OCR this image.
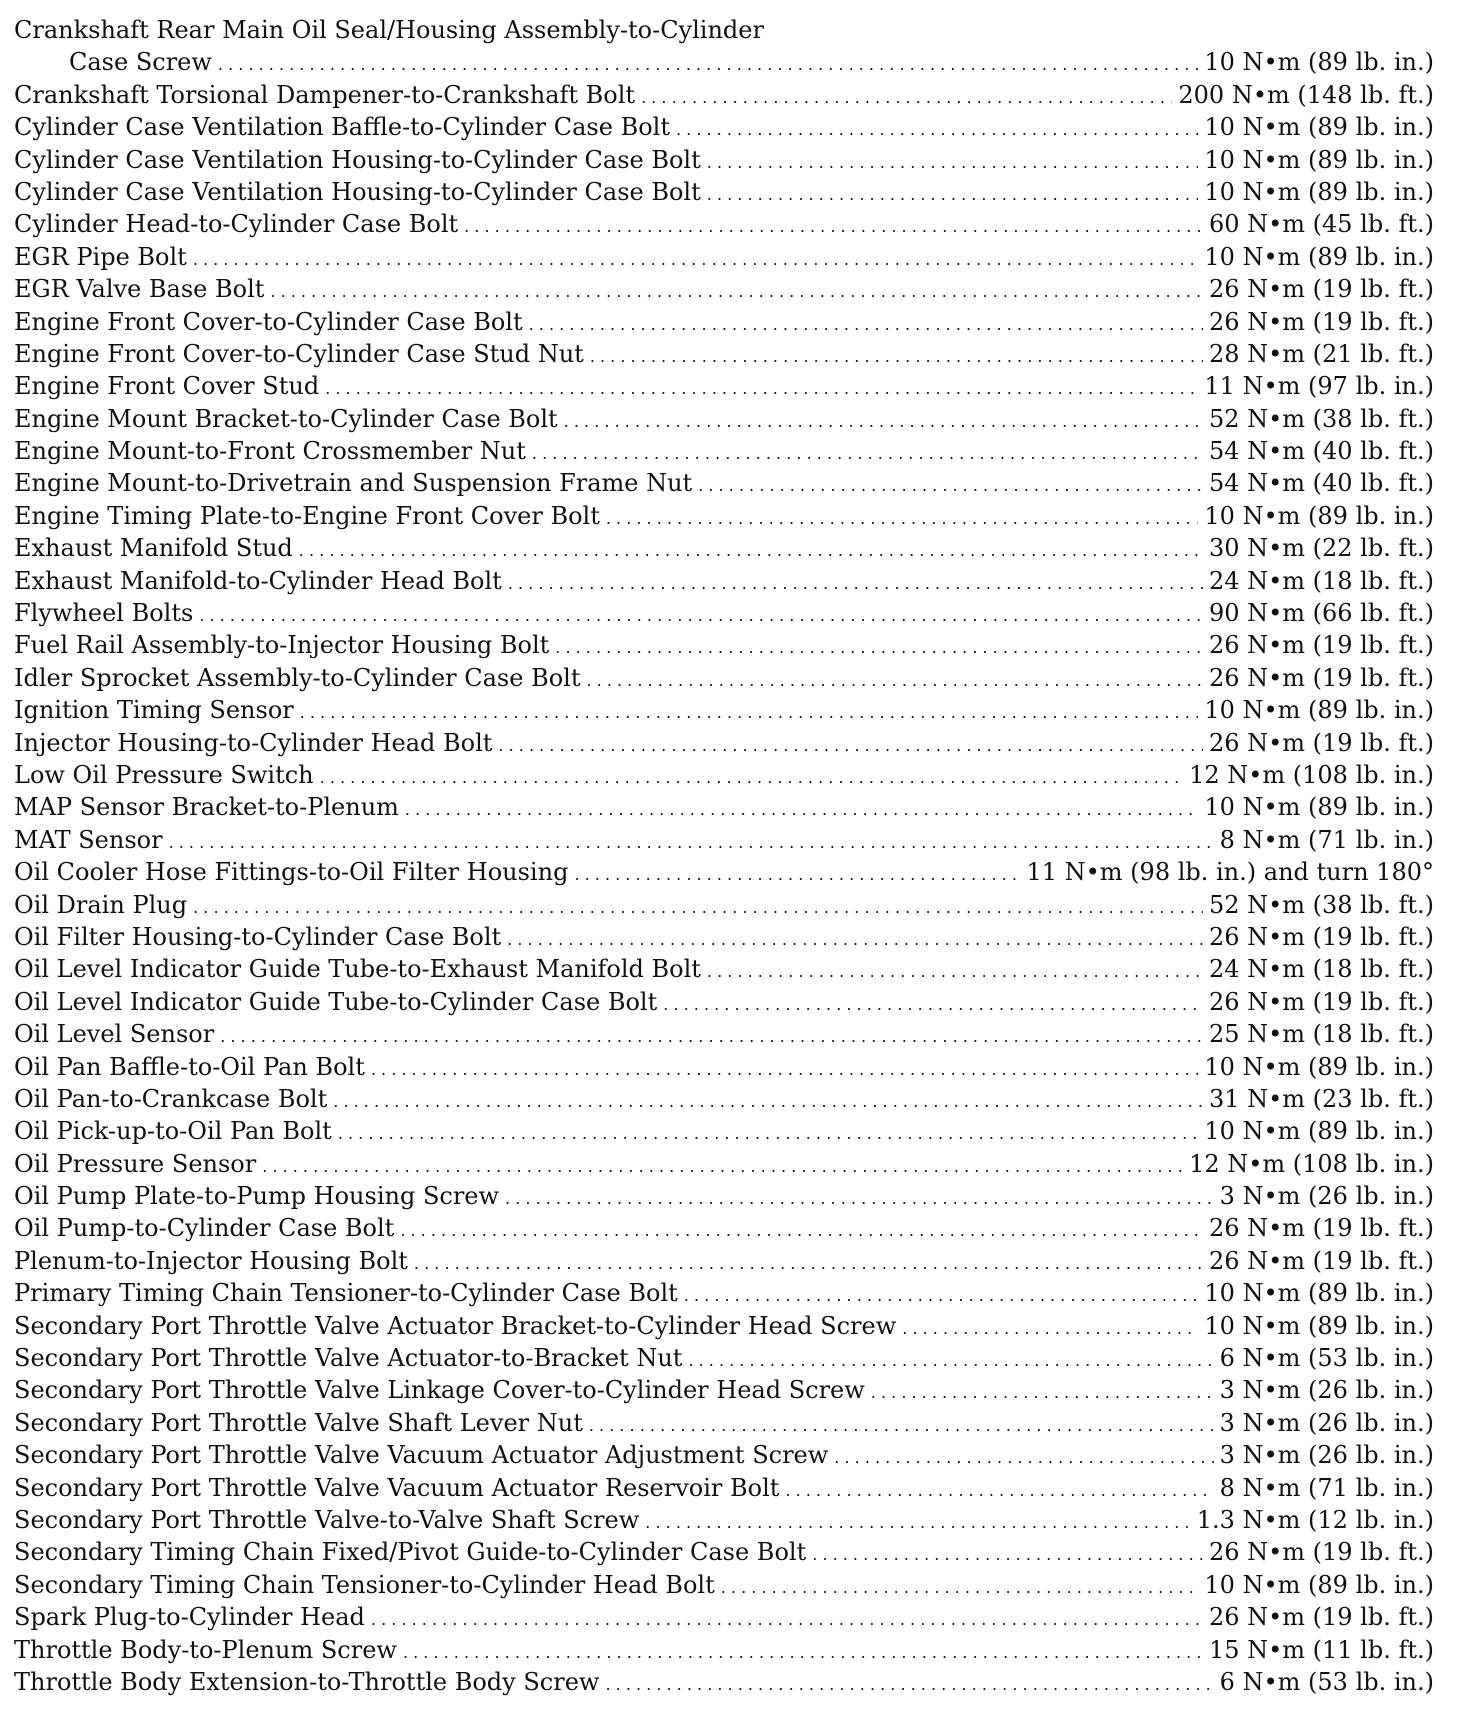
Crankshaft Rear Main Oil Seal/Housing Assembly-to-Cylinder
Case Screw . . .	10 N•m (89 lb. in.)
Crankshaft Torsional Dampener-to-Crankshaft Bolt . . .	200 N•m (148 lb. ft.)
Cylinder Case Ventilation Baffle-to-Cylinder Case Bolt . . .	10 N•m (89 lb. in.)
Cylinder Case Ventilation Housing-to-Cylinder Case Bolt . . .	10 N•m (89 lb. in.)
Cylinder Case Ventilation Housing-to-Cylinder Case Bolt . . .	10 N•m (89 lb. in.)
Cylinder Head-to-Cylinder Case Bolt . . .	60 N•m (45 lb. ft.)
EGR Pipe Bolt . . .	10 N•m (89 lb. in.)
EGR Valve Base Bolt . . .	26 N•m (19 lb. ft.)
Engine Front Cover-to-Cylinder Case Bolt . . .	26 N•m (19 lb. ft.)
Engine Front Cover-to-Cylinder Case Stud Nut . . .	28 N•m (21 lb. ft.)
Engine Front Cover Stud . . .	11 N•m (97 lb. in.)
Engine Mount Bracket-to-Cylinder Case Bolt . . .	52 N•m (38 lb. ft.)
Engine Mount-to-Front Crossmember Nut . . .	54 N•m (40 lb. ft.)
Engine Mount-to-Drivetrain and Suspension Frame Nut . . .	54 N•m (40 lb. ft.)
Engine Timing Plate-to-Engine Front Cover Bolt . . .	10 N•m (89 lb. in.)
Exhaust Manifold Stud . . .	30 N•m (22 lb. ft.)
Exhaust Manifold-to-Cylinder Head Bolt . . .	24 N•m (18 lb. ft.)
Flywheel Bolts . . .	90 N•m (66 lb. ft.)
Fuel Rail Assembly-to-Injector Housing Bolt . . .	26 N•m (19 lb. ft.)
Idler Sprocket Assembly-to-Cylinder Case Bolt . . .	26 N•m (19 lb. ft.)
Ignition Timing Sensor . . .	10 N•m (89 lb. in.)
Injector Housing-to-Cylinder Head Bolt . . .	26 N•m (19 lb. ft.)
Low Oil Pressure Switch . . .	12 N•m (108 lb. in.)
MAP Sensor Bracket-to-Plenum . . .	10 N•m (89 lb. in.)
MAT Sensor . . .	8 N•m (71 lb. in.)
Oil Cooler Hose Fittings-to-Oil Filter Housing . . .	11 N•m (98 lb. in.) and turn 180°
Oil Drain Plug . . .	52 N•m (38 lb. ft.)
Oil Filter Housing-to-Cylinder Case Bolt . . .	26 N•m (19 lb. ft.)
Oil Level Indicator Guide Tube-to-Exhaust Manifold Bolt . . .	24 N•m (18 lb. ft.)
Oil Level Indicator Guide Tube-to-Cylinder Case Bolt . . .	26 N•m (19 lb. ft.)
Oil Level Sensor . . .	25 N•m (18 lb. ft.)
Oil Pan Baffle-to-Oil Pan Bolt . . .	10 N•m (89 lb. in.)
Oil Pan-to-Crankcase Bolt . . .	31 N•m (23 lb. ft.)
Oil Pick-up-to-Oil Pan Bolt . . .	10 N•m (89 lb. in.)
Oil Pressure Sensor . . .	12 N•m (108 lb. in.)
Oil Pump Plate-to-Pump Housing Screw . . .	3 N•m (26 lb. in.)
Oil Pump-to-Cylinder Case Bolt . . .	26 N•m (19 lb. ft.)
Plenum-to-Injector Housing Bolt . . .	26 N•m (19 lb. ft.)
Primary Timing Chain Tensioner-to-Cylinder Case Bolt . . .	10 N•m (89 lb. in.)
Secondary Port Throttle Valve Actuator Bracket-to-Cylinder Head Screw . . .	10 N•m (89 lb. in.)
Secondary Port Throttle Valve Actuator-to-Bracket Nut . . .	6 N•m (53 lb. in.)
Secondary Port Throttle Valve Linkage Cover-to-Cylinder Head Screw . . .	3 N•m (26 lb. in.)
Secondary Port Throttle Valve Shaft Lever Nut . . .	3 N•m (26 lb. in.)
Secondary Port Throttle Valve Vacuum Actuator Adjustment Screw . . .	3 N•m (26 lb. in.)
Secondary Port Throttle Valve Vacuum Actuator Reservoir Bolt . . .	8 N•m (71 lb. in.)
Secondary Port Throttle Valve-to-Valve Shaft Screw . . .	1.3 N•m (12 lb. in.)
Secondary Timing Chain Fixed/Pivot Guide-to-Cylinder Case Bolt . . .	26 N•m (19 lb. ft.)
Secondary Timing Chain Tensioner-to-Cylinder Head Bolt . . .	10 N•m (89 lb. in.)
Spark Plug-to-Cylinder Head . . .	26 N•m (19 lb. ft.)
Throttle Body-to-Plenum Screw . . .	15 N•m (11 lb. ft.)
Throttle Body Extension-to-Throttle Body Screw . . .	6 N•m (53 lb. in.)
